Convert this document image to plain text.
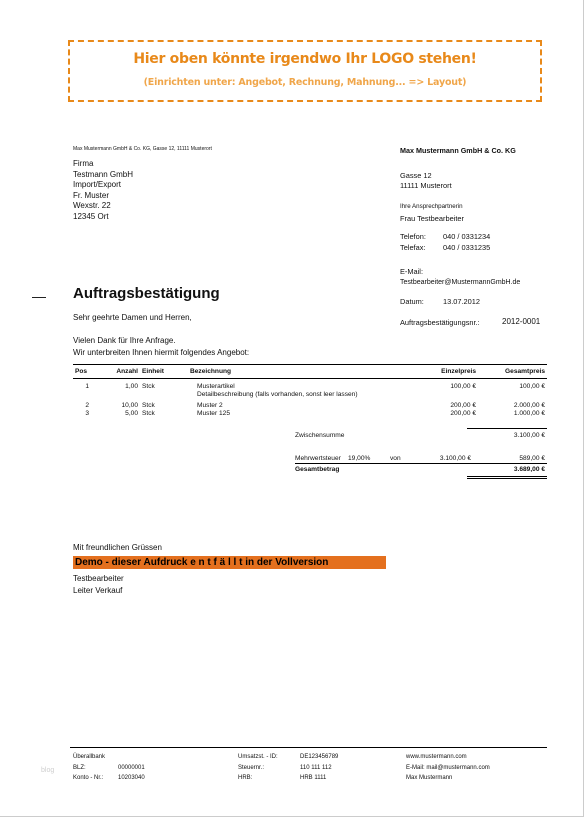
Hier oben könnte irgendwo Ihr LOGO stehen!
(Einrichten unter: Angebot, Rechnung, Mahnung... => Layout)
Max Mustermann GmbH & Co. KG, Gasse 12, 11111 Musterort
Firma
Testmann GmbH
Import/Export
Fr. Muster
Wexstr. 22
12345 Ort
Max Mustermann GmbH & Co. KG
Gasse 12
11111 Musterort
Ihre Ansprechpartnerin
Frau Testbearbeiter
Telefon: 040 / 0331234
Telefax: 040 / 0331235
E-Mail:
Testbearbeiter@MustermannGmbH.de
Datum:	13.07.2012
Auftragsbestätigungsnr.:	2012-0001
Auftragsbestätigung
Sehr geehrte Damen und Herren,
Vielen Dank für Ihre Anfrage.
Wir unterbreiten Ihnen hiermit folgendes Angebot:
Pos	Anzahl	Einheit	Bezeichnung	Einzelpreis	Gesamtpreis

1	1,00	Stck	Musterartikel	100,00 €	100,00 €
			Detailbeschreibung (falls vorhanden, sonst leer lassen)		

2	10,00	Stck	Muster 2	200,00 €	2.000,00 €
3	5,00	Stck	Muster 125	200,00 €	1.000,00 €
Zwischensumme	3.100,00 €
Mehrwertsteuer 19,00%	von	3.100,00 €	589,00 €
Gesamtbetrag	3.689,00 €
Mit freundlichen Grüssen
Demo - dieser Aufdruck e n t f ä l l t in der Vollversion
Testbearbeiter
Leiter Verkauf
Überallbank
BLZ:	00000001
Konto - Nr.: 10203040
Umsatzst. - ID:	DE123456789
Steuernr.:	110 111 112
HRB:	HRB 1111
www.mustermann.com
E-Mail: mail@mustermann.com
Max Mustermann
blog
